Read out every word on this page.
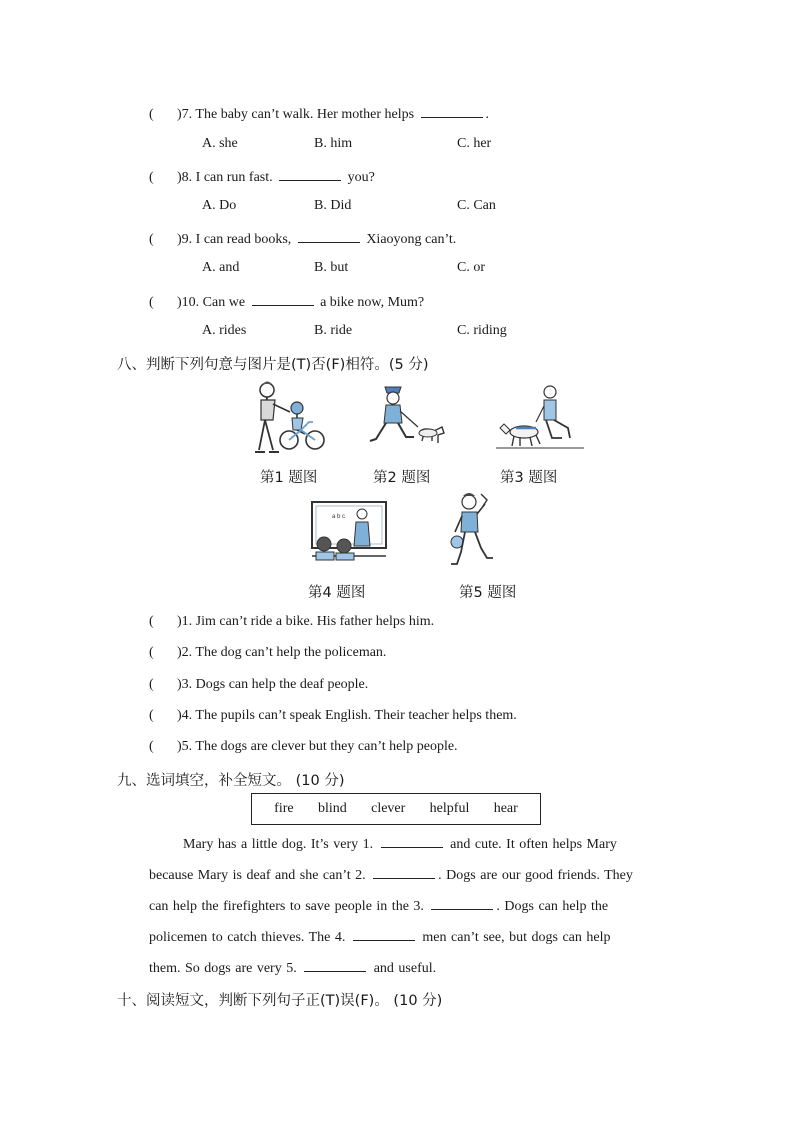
( )7. The baby can’t walk. Her mother helps	.
A. she	B. him	C. her
( )8. I can run fast.	you?
A. Do	B. Did	C. Can
( )9. I can read books,	Xiaoyong can’t.
A. and	B. but	C. or
( )10. Can we	a bike now, Mum?
A. rides	B. ride	C. riding
八、判断下列句意与图片是(T)否(F)相符。(5 分)
第1 题图	第2 题图	第3 题图
a b c
第4 题图	第5 题图
( )1. Jim can’t ride a bike. His father helps him.
( )2. The dog can’t help the policeman.
( )3. Dogs can help the deaf people.
( )4. The pupils can’t speak English. Their teacher helps them.
( )5. The dogs are clever but they can’t help people.
九、选词填空，补全短文。 (10 分)
fire blind clever helpful hear
Mary has a little dog. It’s very 1.	and cute. It often helps Mary
because Mary is deaf and she can’t 2.	. Dogs are our good friends. They
can help the firefighters to save people in the 3.	. Dogs can help the
policemen to catch thieves. The 4.	men can’t see, but dogs can help
them. So dogs are very 5.	and useful.
十、阅读短文，判断下列句子正(T)误(F)。 (10 分)
